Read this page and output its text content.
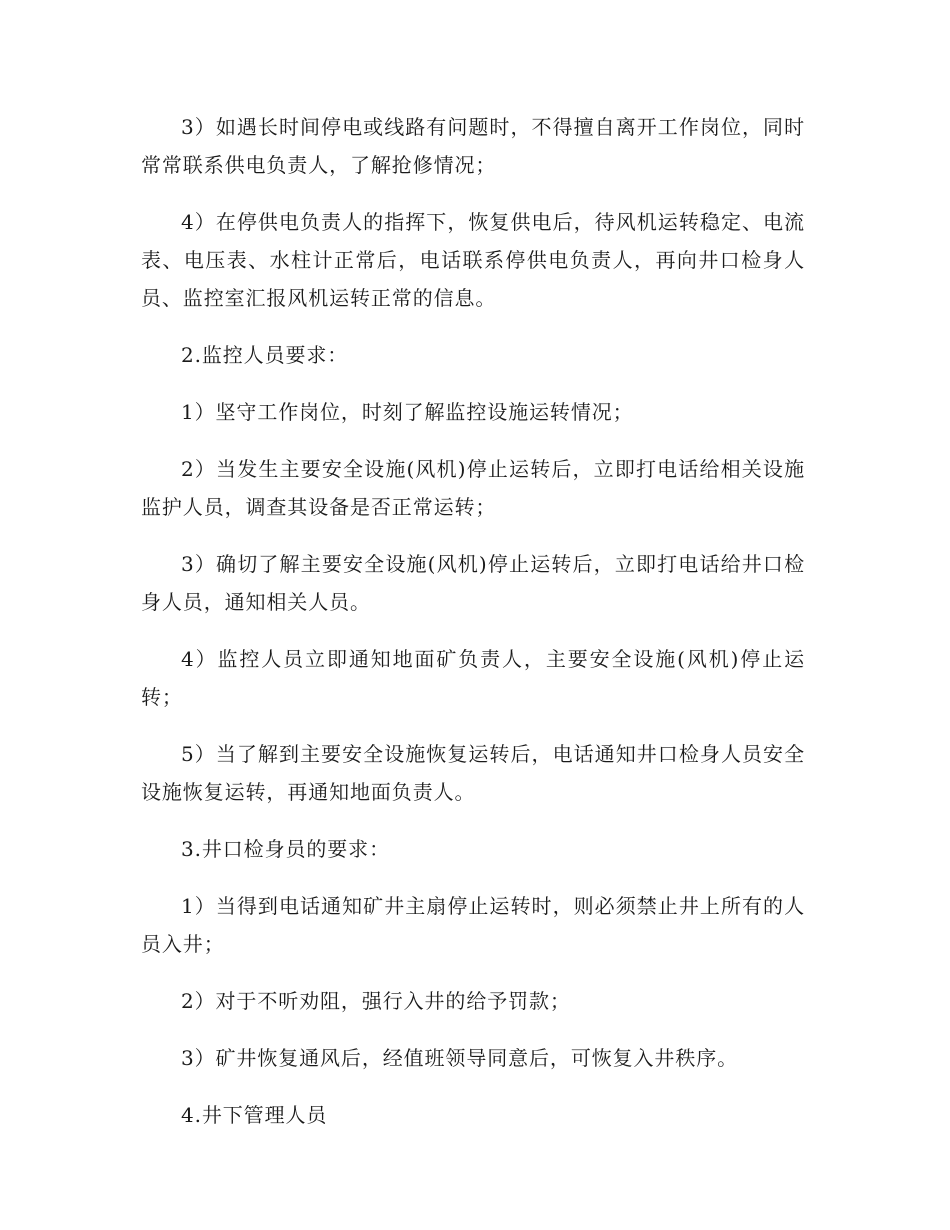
3）如遇长时间停电或线路有问题时，不得擅自离开工作岗位，同时常常联系供电负责人，了解抢修情况；

4）在停供电负责人的指挥下，恢复供电后，待风机运转稳定、电流表、电压表、水柱计正常后，电话联系停供电负责人，再向井口检身人员、监控室汇报风机运转正常的信息。

2.监控人员要求：

1）坚守工作岗位，时刻了解监控设施运转情况；

2）当发生主要安全设施(风机)停止运转后，立即打电话给相关设施监护人员，调查其设备是否正常运转；

3）确切了解主要安全设施(风机)停止运转后，立即打电话给井口检身人员，通知相关人员。

4）监控人员立即通知地面矿负责人，主要安全设施(风机)停止运转；

5）当了解到主要安全设施恢复运转后，电话通知井口检身人员安全设施恢复运转，再通知地面负责人。

3.井口检身员的要求：

1）当得到电话通知矿井主扇停止运转时，则必须禁止井上所有的人员入井；

2）对于不听劝阻，强行入井的给予罚款；

3）矿井恢复通风后，经值班领导同意后，可恢复入井秩序。

4.井下管理人员
